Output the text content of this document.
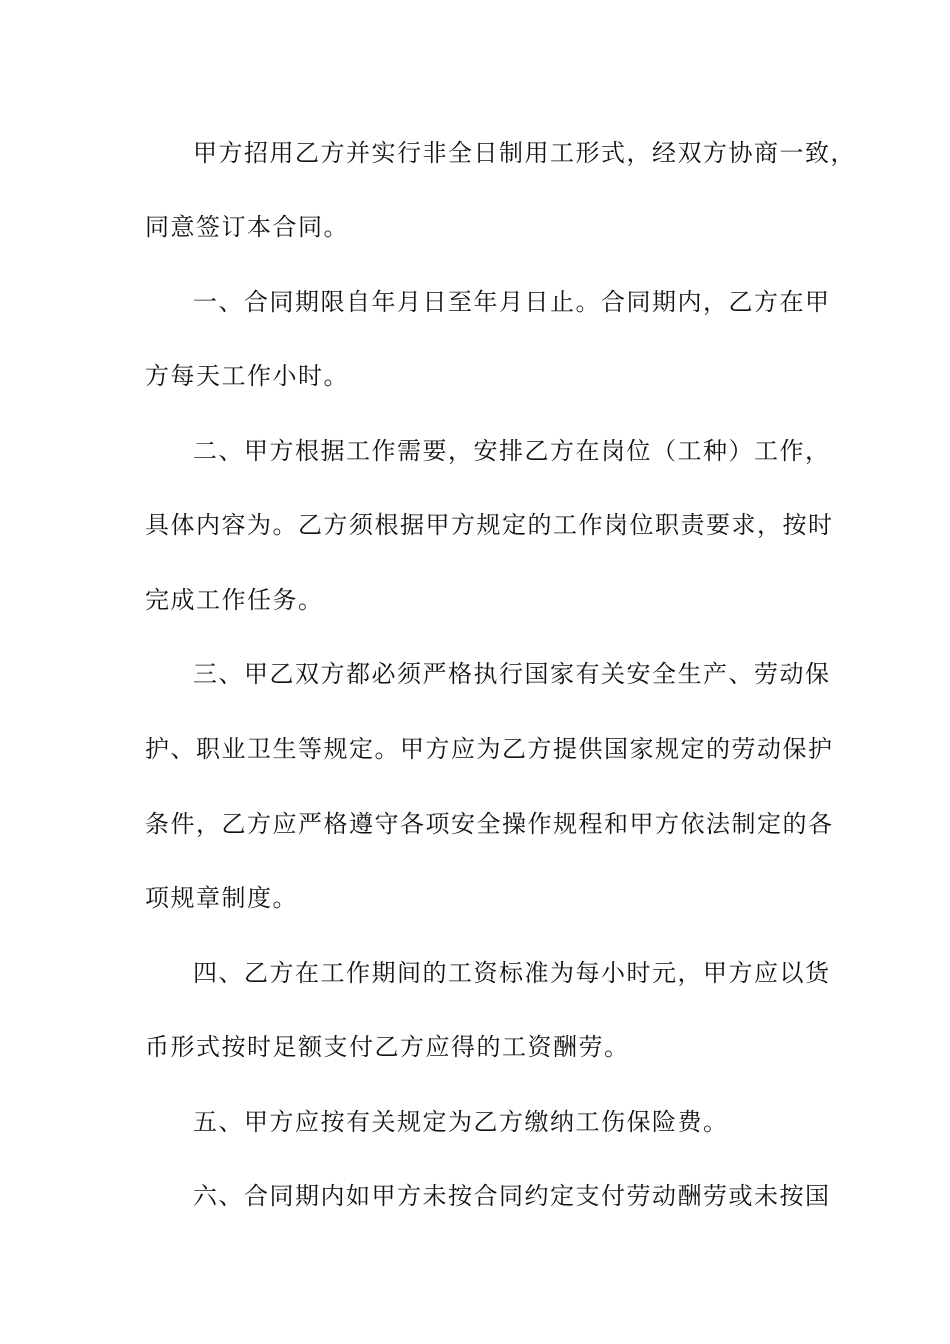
甲方招用乙方并实行非全日制用工形式，经双方协商一致，
同意签订本合同。
一、合同期限自年月日至年月日止。合同期内，乙方在甲
方每天工作小时。
二、甲方根据工作需要，安排乙方在岗位（工种）工作，
具体内容为。乙方须根据甲方规定的工作岗位职责要求，按时
完成工作任务。
三、甲乙双方都必须严格执行国家有关安全生产、劳动保
护、职业卫生等规定。甲方应为乙方提供国家规定的劳动保护
条件，乙方应严格遵守各项安全操作规程和甲方依法制定的各
项规章制度。
四、乙方在工作期间的工资标准为每小时元，甲方应以货
币形式按时足额支付乙方应得的工资酬劳。
五、甲方应按有关规定为乙方缴纳工伤保险费。
六、合同期内如甲方未按合同约定支付劳动酬劳或未按国
